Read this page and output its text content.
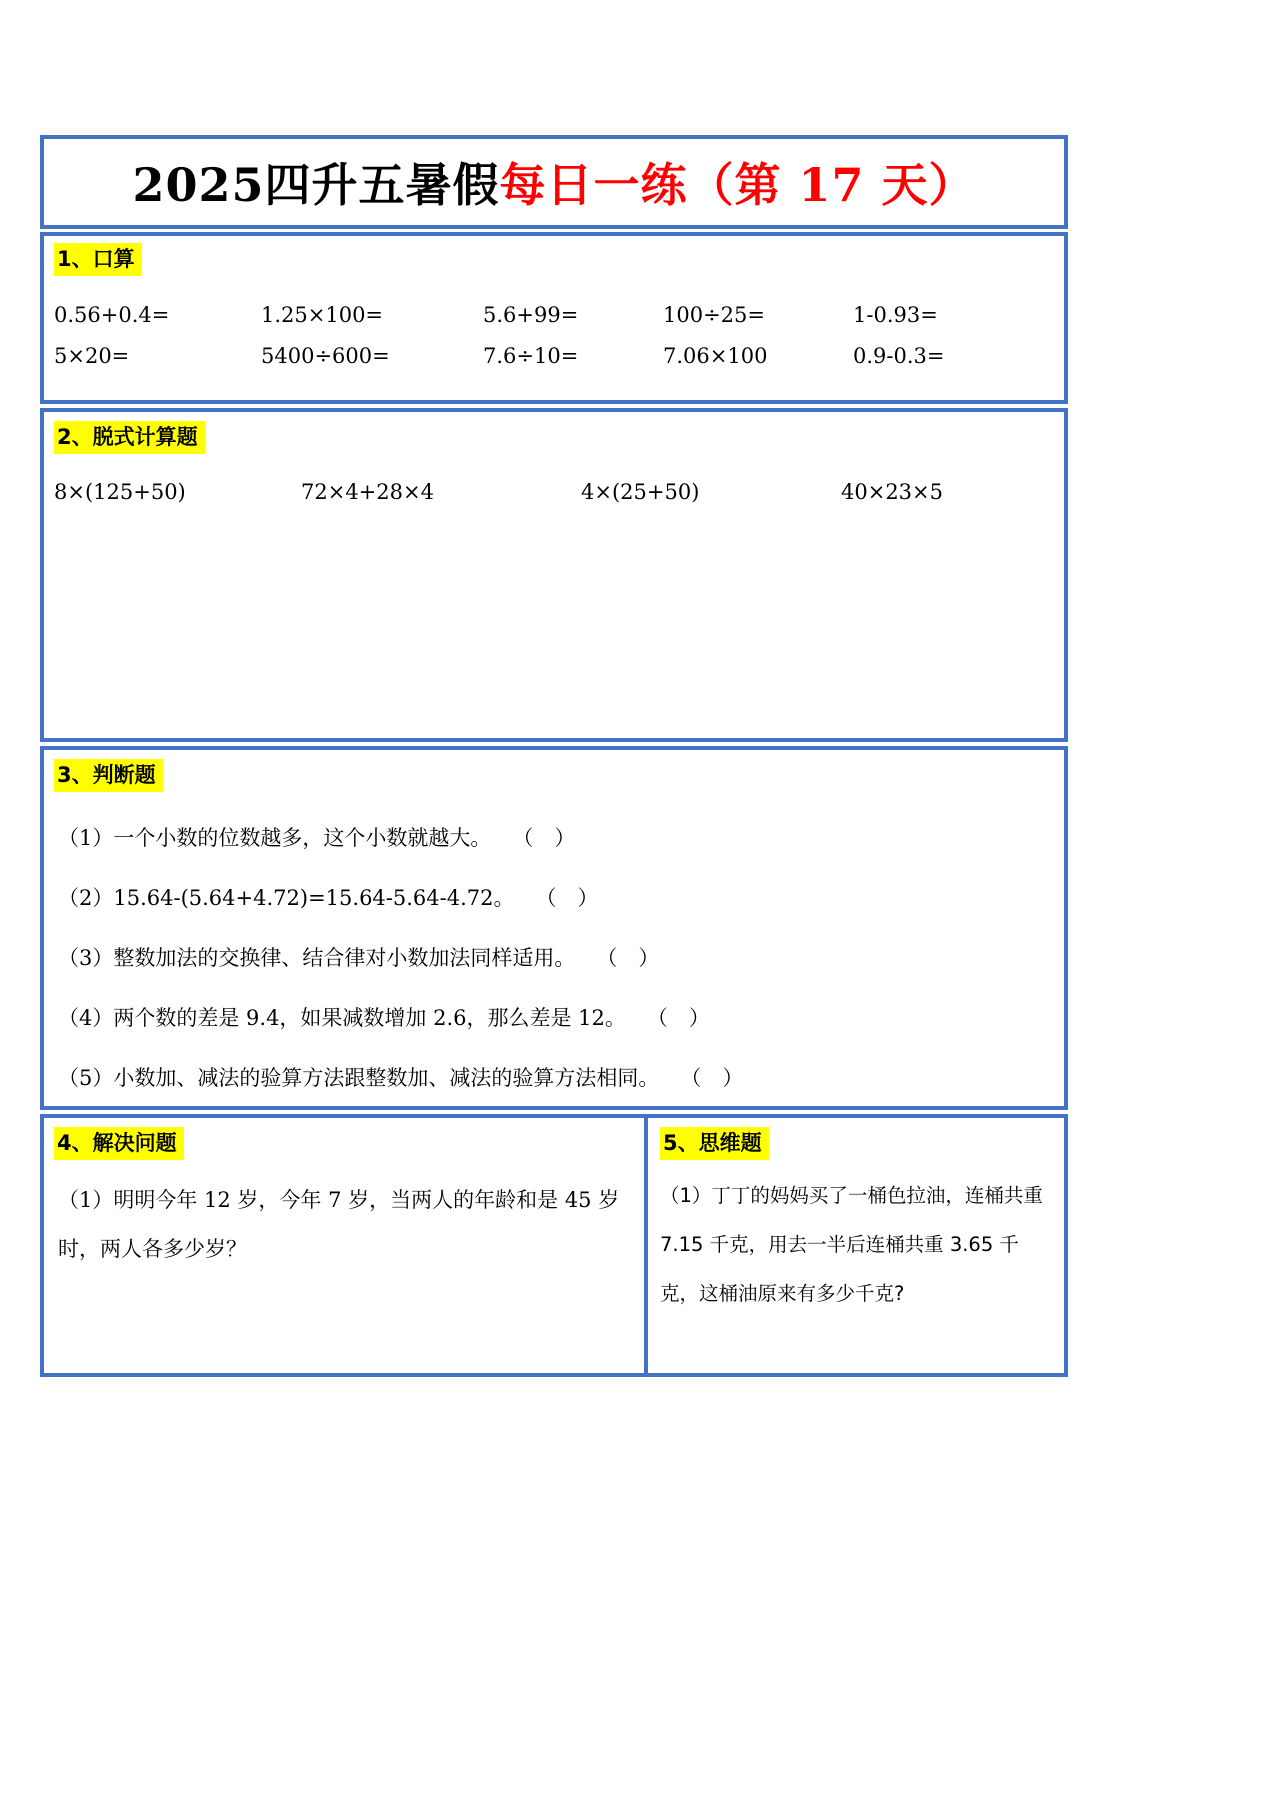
2025四升五暑假每日一练（第 17 天）
1、口算
0.56+0.4=	1.25×100=	5.6+99=	100÷25=	1-0.93=
5×20=	5400÷600=	7.6÷10=	7.06×100	0.9-0.3=
2、脱式计算题
8×(125+50)	72×4+28×4	4×(25+50)	40×23×5
3、判断题
（1）一个小数的位数越多，这个小数就越大。　　（　）
（2）15.64-(5.64+4.72)=15.64-5.64-4.72。　　（　）
（3）整数加法的交换律、结合律对小数加法同样适用。　　（　）
（4）两个数的差是 9.4，如果减数增加 2.6，那么差是 12。　　（　）
（5）小数加、减法的验算方法跟整数加、减法的验算方法相同。　　（　）
4、解决问题
（1）明明今年 12 岁，今年 7 岁，当两人的年龄和是 45 岁时，两人各多少岁？
5、思维题
（1）丁丁的妈妈买了一桶色拉油，连桶共重 7.15 千克，用去一半后连桶共重 3.65 千克，这桶油原来有多少千克?
